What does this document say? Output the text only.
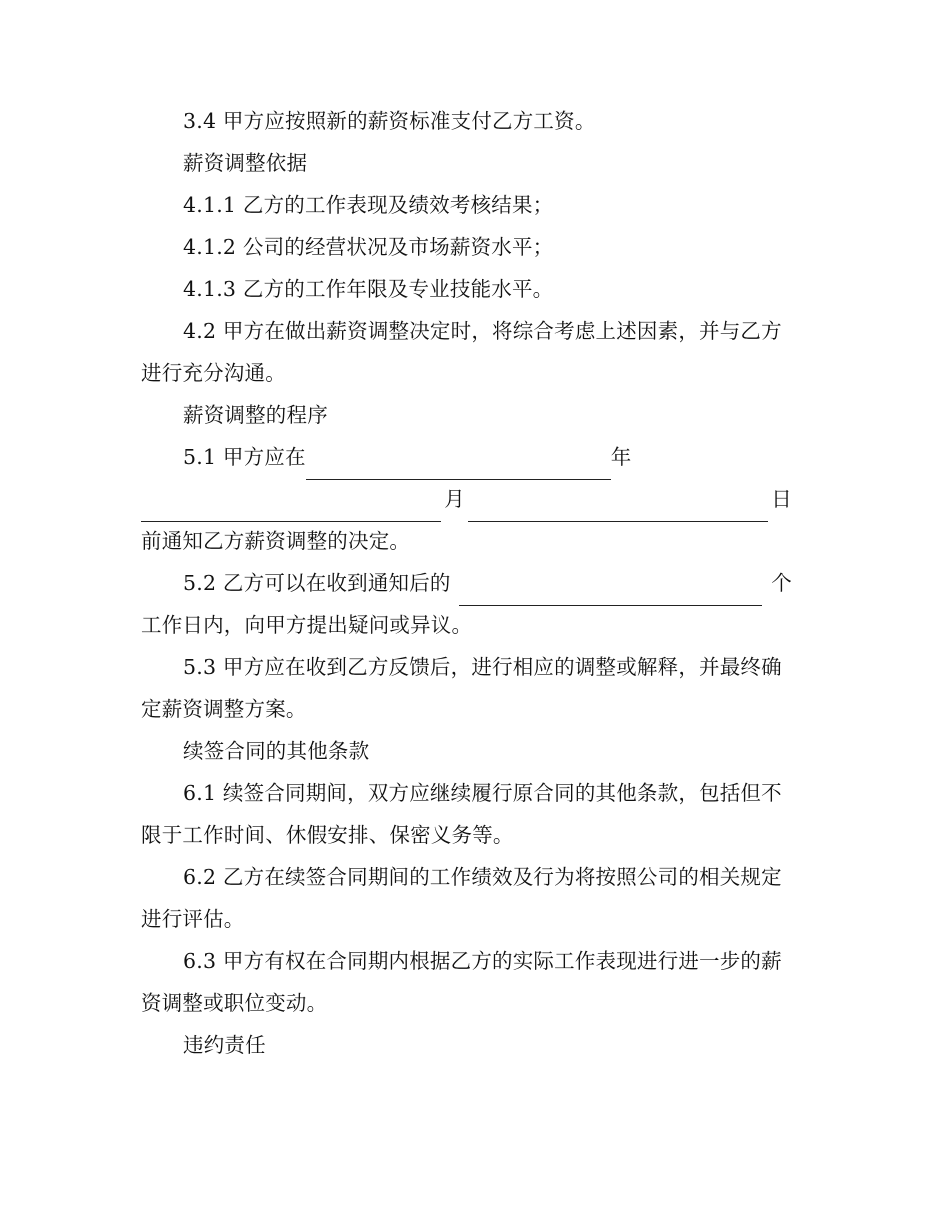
3.4 甲方应按照新的薪资标准支付乙方工资。

薪资调整依据

4.1.1 乙方的工作表现及绩效考核结果；

4.1.2 公司的经营状况及市场薪资水平；

4.1.3 乙方的工作年限及专业技能水平。

4.2 甲方在做出薪资调整决定时，将综合考虑上述因素，并与乙方进行充分沟通。

薪资调整的程序

5.1 甲方应在	年
月	日
前通知乙方薪资调整的决定。
5.2 乙方可以在收到通知后的	个
工作日内，向甲方提出疑问或异议。

5.3 甲方应在收到乙方反馈后，进行相应的调整或解释，并最终确定薪资调整方案。

续签合同的其他条款

6.1 续签合同期间，双方应继续履行原合同的其他条款，包括但不限于工作时间、休假安排、保密义务等。

6.2 乙方在续签合同期间的工作绩效及行为将按照公司的相关规定进行评估。

6.3 甲方有权在合同期内根据乙方的实际工作表现进行进一步的薪资调整或职位变动。

违约责任
